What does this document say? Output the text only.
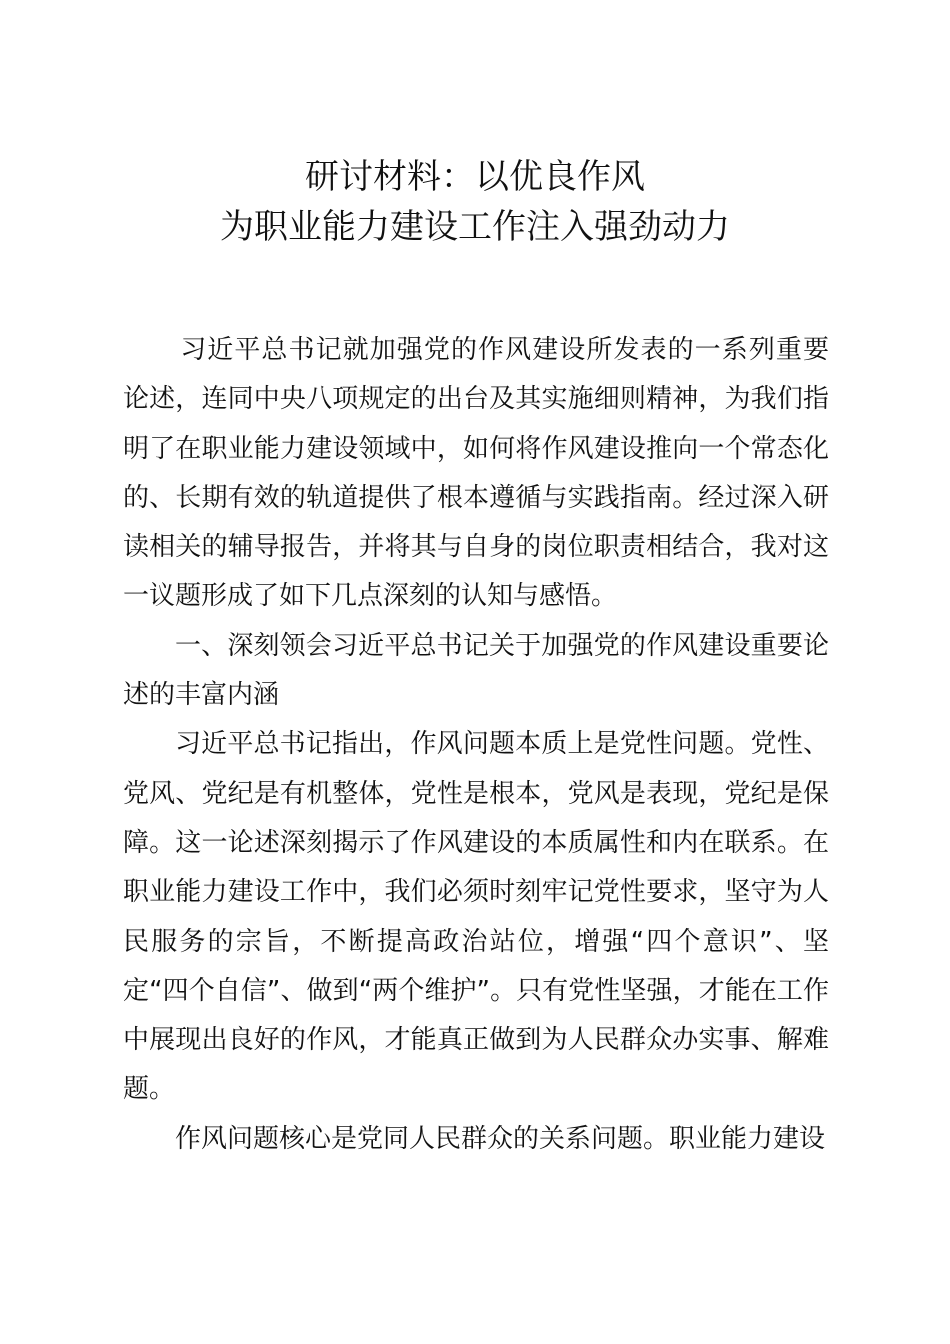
研讨材料：以优良作风
为职业能力建设工作注入强劲动力

习近平总书记就加强党的作风建设所发表的一系列重要论述，连同中央八项规定的出台及其实施细则精神，为我们指明了在职业能力建设领域中，如何将作风建设推向一个常态化的、长期有效的轨道提供了根本遵循与实践指南。经过深入研读相关的辅导报告，并将其与自身的岗位职责相结合，我对这一议题形成了如下几点深刻的认知与感悟。

一、深刻领会习近平总书记关于加强党的作风建设重要论述的丰富内涵

习近平总书记指出，作风问题本质上是党性问题。党性、党风、党纪是有机整体，党性是根本，党风是表现，党纪是保障。这一论述深刻揭示了作风建设的本质属性和内在联系。在职业能力建设工作中，我们必须时刻牢记党性要求，坚守为人民服务的宗旨，不断提高政治站位，增强“四个意识”、坚定“四个自信”、做到“两个维护”。只有党性坚强，才能在工作中展现出良好的作风，才能真正做到为人民群众办实事、解难题。

作风问题核心是党同人民群众的关系问题。职业能力建设
